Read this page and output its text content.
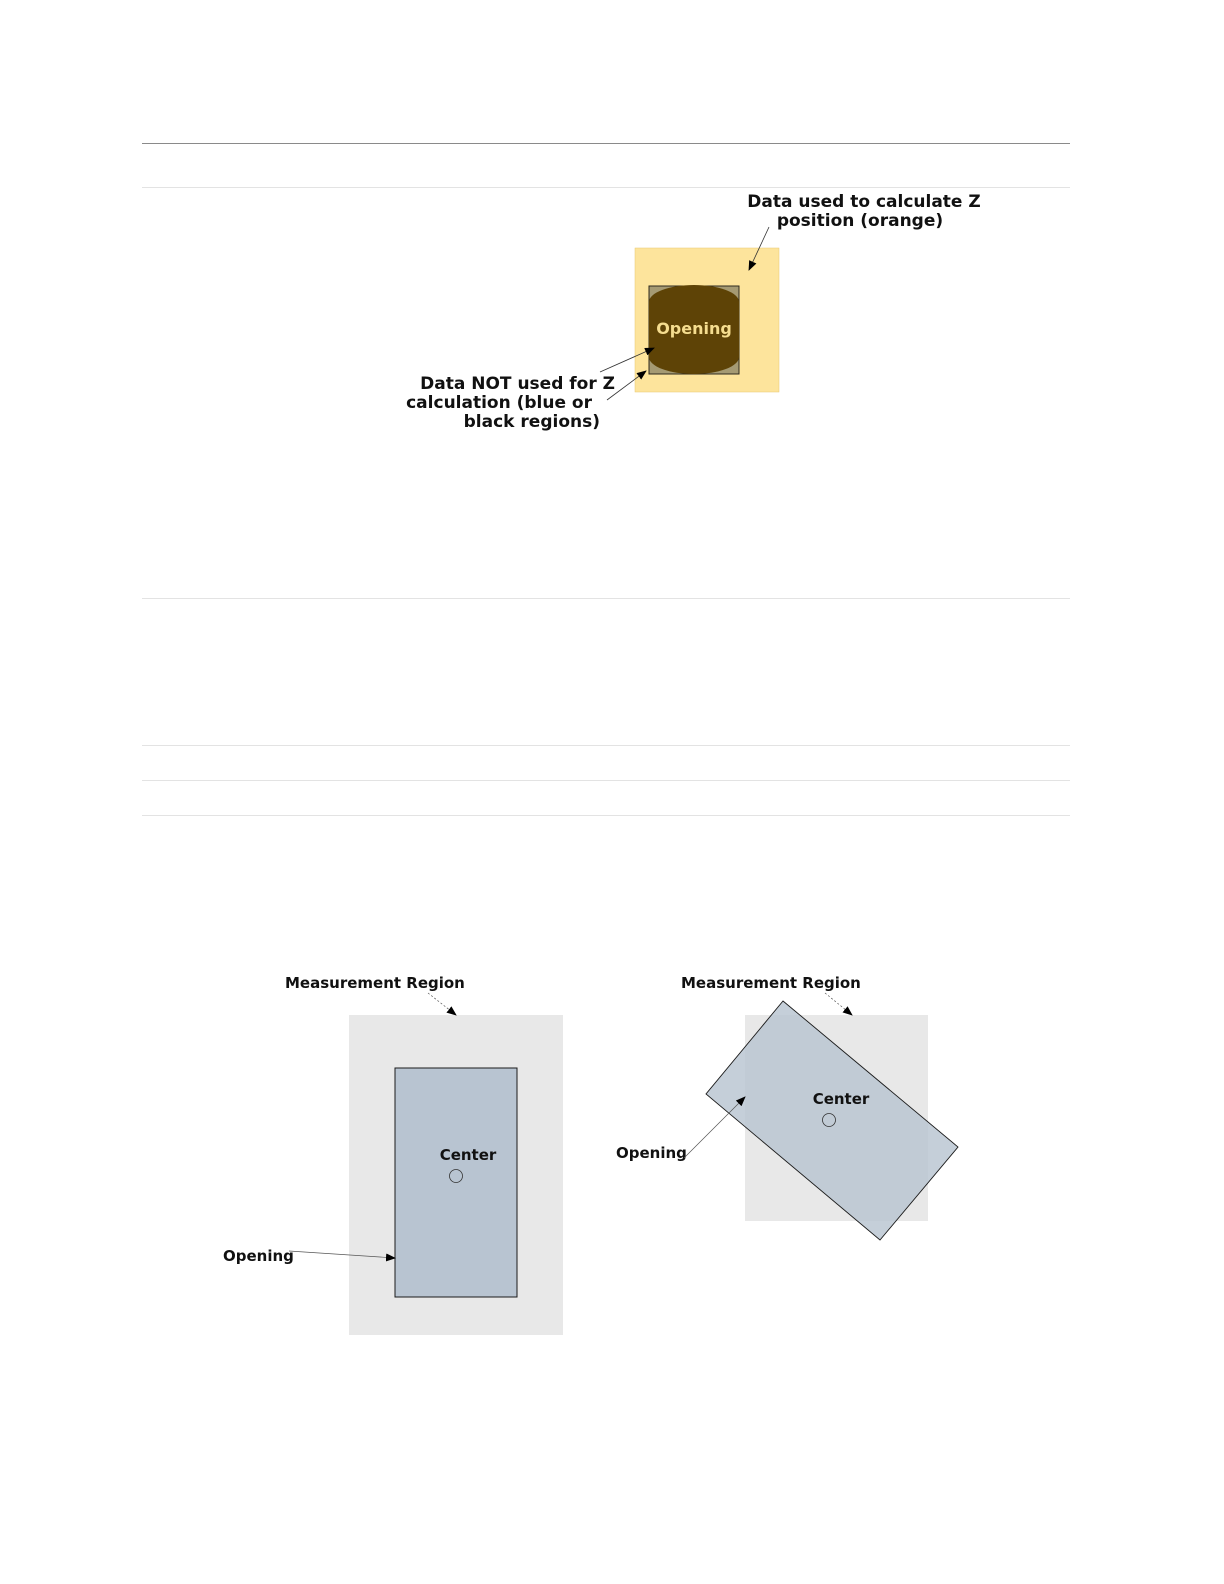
Opening
Data used to calculate Z
position (orange)
Data NOT used for Z
calculation (blue or
black regions)
Center
Measurement Region
Opening
Center
Measurement Region
Opening
